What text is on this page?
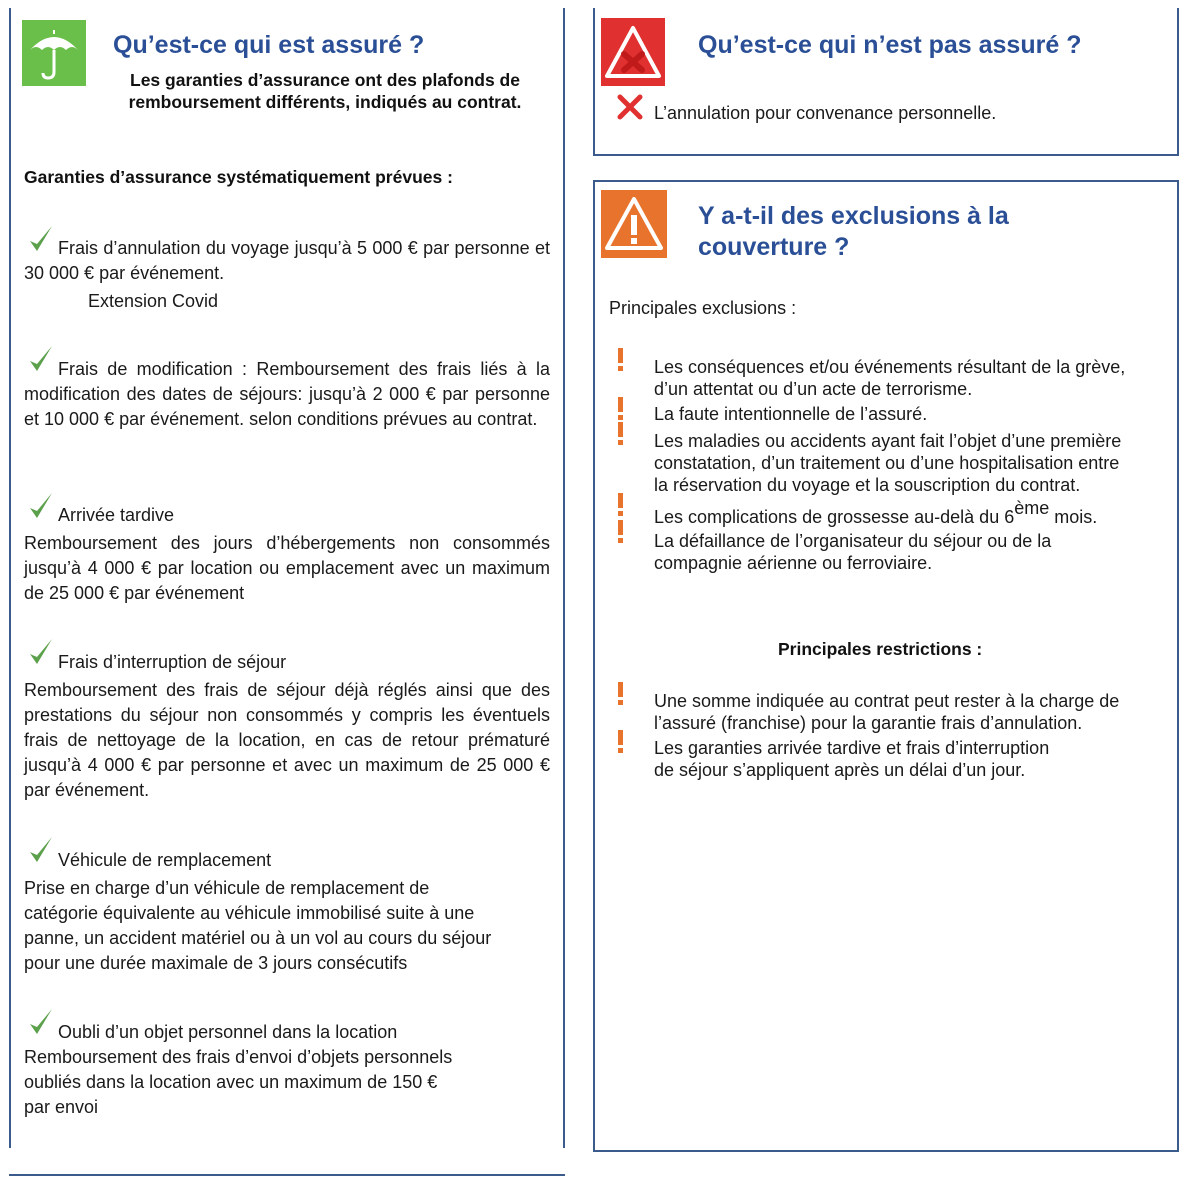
Qu’est-ce qui est assuré ?
Les garanties d’assurance ont des plafonds de
remboursement différents, indiqués au contrat.
Garanties d’assurance systématiquement prévues :
Frais d’annulation du voyage jusqu’à 5 000 € par personne et 30 000 € par événement.
Extension Covid
Frais de modification : Remboursement des frais liés à la modification des dates de séjours: jusqu’à 2 000 € par personne et 10 000 € par événement. selon conditions prévues au contrat.
Arrivée tardive
Remboursement des jours d’hébergements non consommés jusqu’à 4 000 € par location ou emplacement avec un maximum de 25 000 € par événement
Frais d’interruption de séjour
Remboursement des frais de séjour déjà réglés ainsi que des prestations du séjour non consommés y compris les éventuels frais de nettoyage de la location, en cas de retour prématuré jusqu’à 4 000 € par personne et avec un maximum de 25 000 € par événement.
Véhicule de remplacement
Prise en charge d’un véhicule de remplacement de
catégorie équivalente au véhicule immobilisé suite à une
panne, un accident matériel ou à un vol au cours du séjour
pour une durée maximale de 3 jours consécutifs
Oubli d’un objet personnel dans la location
Remboursement des frais d’envoi d’objets personnels
oubliés dans la location avec un maximum de 150 €
par envoi
Qu’est-ce qui n’est pas assuré ?
L’annulation pour convenance personnelle.
Y a-t-il des exclusions à la
couverture ?
Principales exclusions :
Les conséquences et/ou événements résultant de la grève,
d’un attentat ou d’un acte de terrorisme.
La faute intentionnelle de l’assuré.
Les maladies ou accidents ayant fait l’objet d’une première
constatation, d’un traitement ou d’une hospitalisation entre
la réservation du voyage et la souscription du contrat.
Les complications de grossesse au-delà du 6ème mois.
La défaillance de l’organisateur du séjour ou de la
compagnie aérienne ou ferroviaire.
Principales restrictions :
Une somme indiquée au contrat peut rester à la charge de
l’assuré (franchise) pour la garantie frais d’annulation.
Les garanties arrivée tardive et frais d’interruption
de séjour s’appliquent après un délai d’un jour.
